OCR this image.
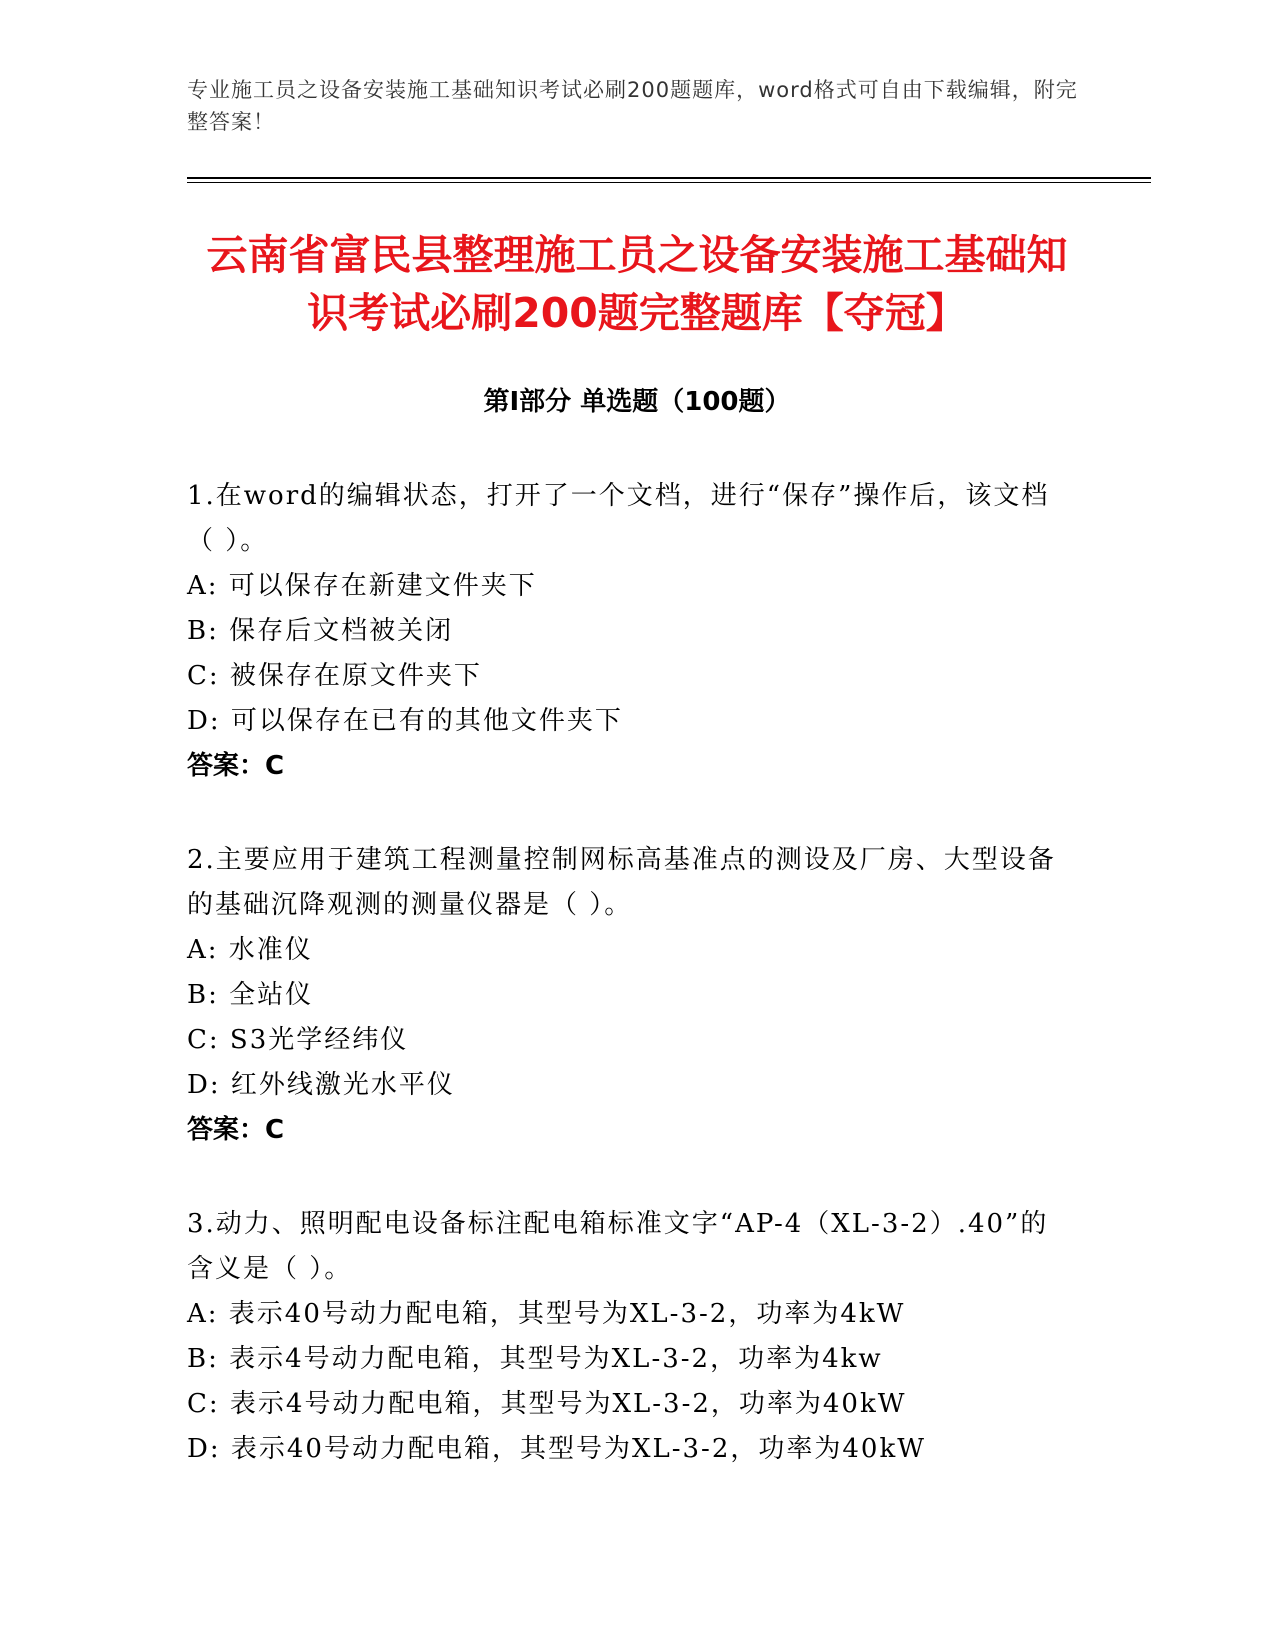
专业施工员之设备安装施工基础知识考试必刷200题题库，word格式可自由下载编辑，附完整答案！
云南省富民县整理施工员之设备安装施工基础知识考试必刷200题完整题库【夺冠】
第I部分 单选题（100题）
1.在word的编辑状态，打开了一个文档，进行“保存”操作后，该文档（ ）。
A: 可以保存在新建文件夹下
B: 保存后文档被关闭
C: 被保存在原文件夹下
D: 可以保存在已有的其他文件夹下
答案：C
2.主要应用于建筑工程测量控制网标高基准点的测设及厂房、大型设备的基础沉降观测的测量仪器是（ ）。
A: 水准仪
B: 全站仪
C: S3光学经纬仪
D: 红外线激光水平仪
答案：C
3.动力、照明配电设备标注配电箱标准文字“AP-4（XL-3-2）.40”的含义是（ ）。
A: 表示40号动力配电箱，其型号为XL-3-2，功率为4kW
B: 表示4号动力配电箱，其型号为XL-3-2，功率为4kw
C: 表示4号动力配电箱，其型号为XL-3-2，功率为40kW
D: 表示40号动力配电箱，其型号为XL-3-2，功率为40kW
